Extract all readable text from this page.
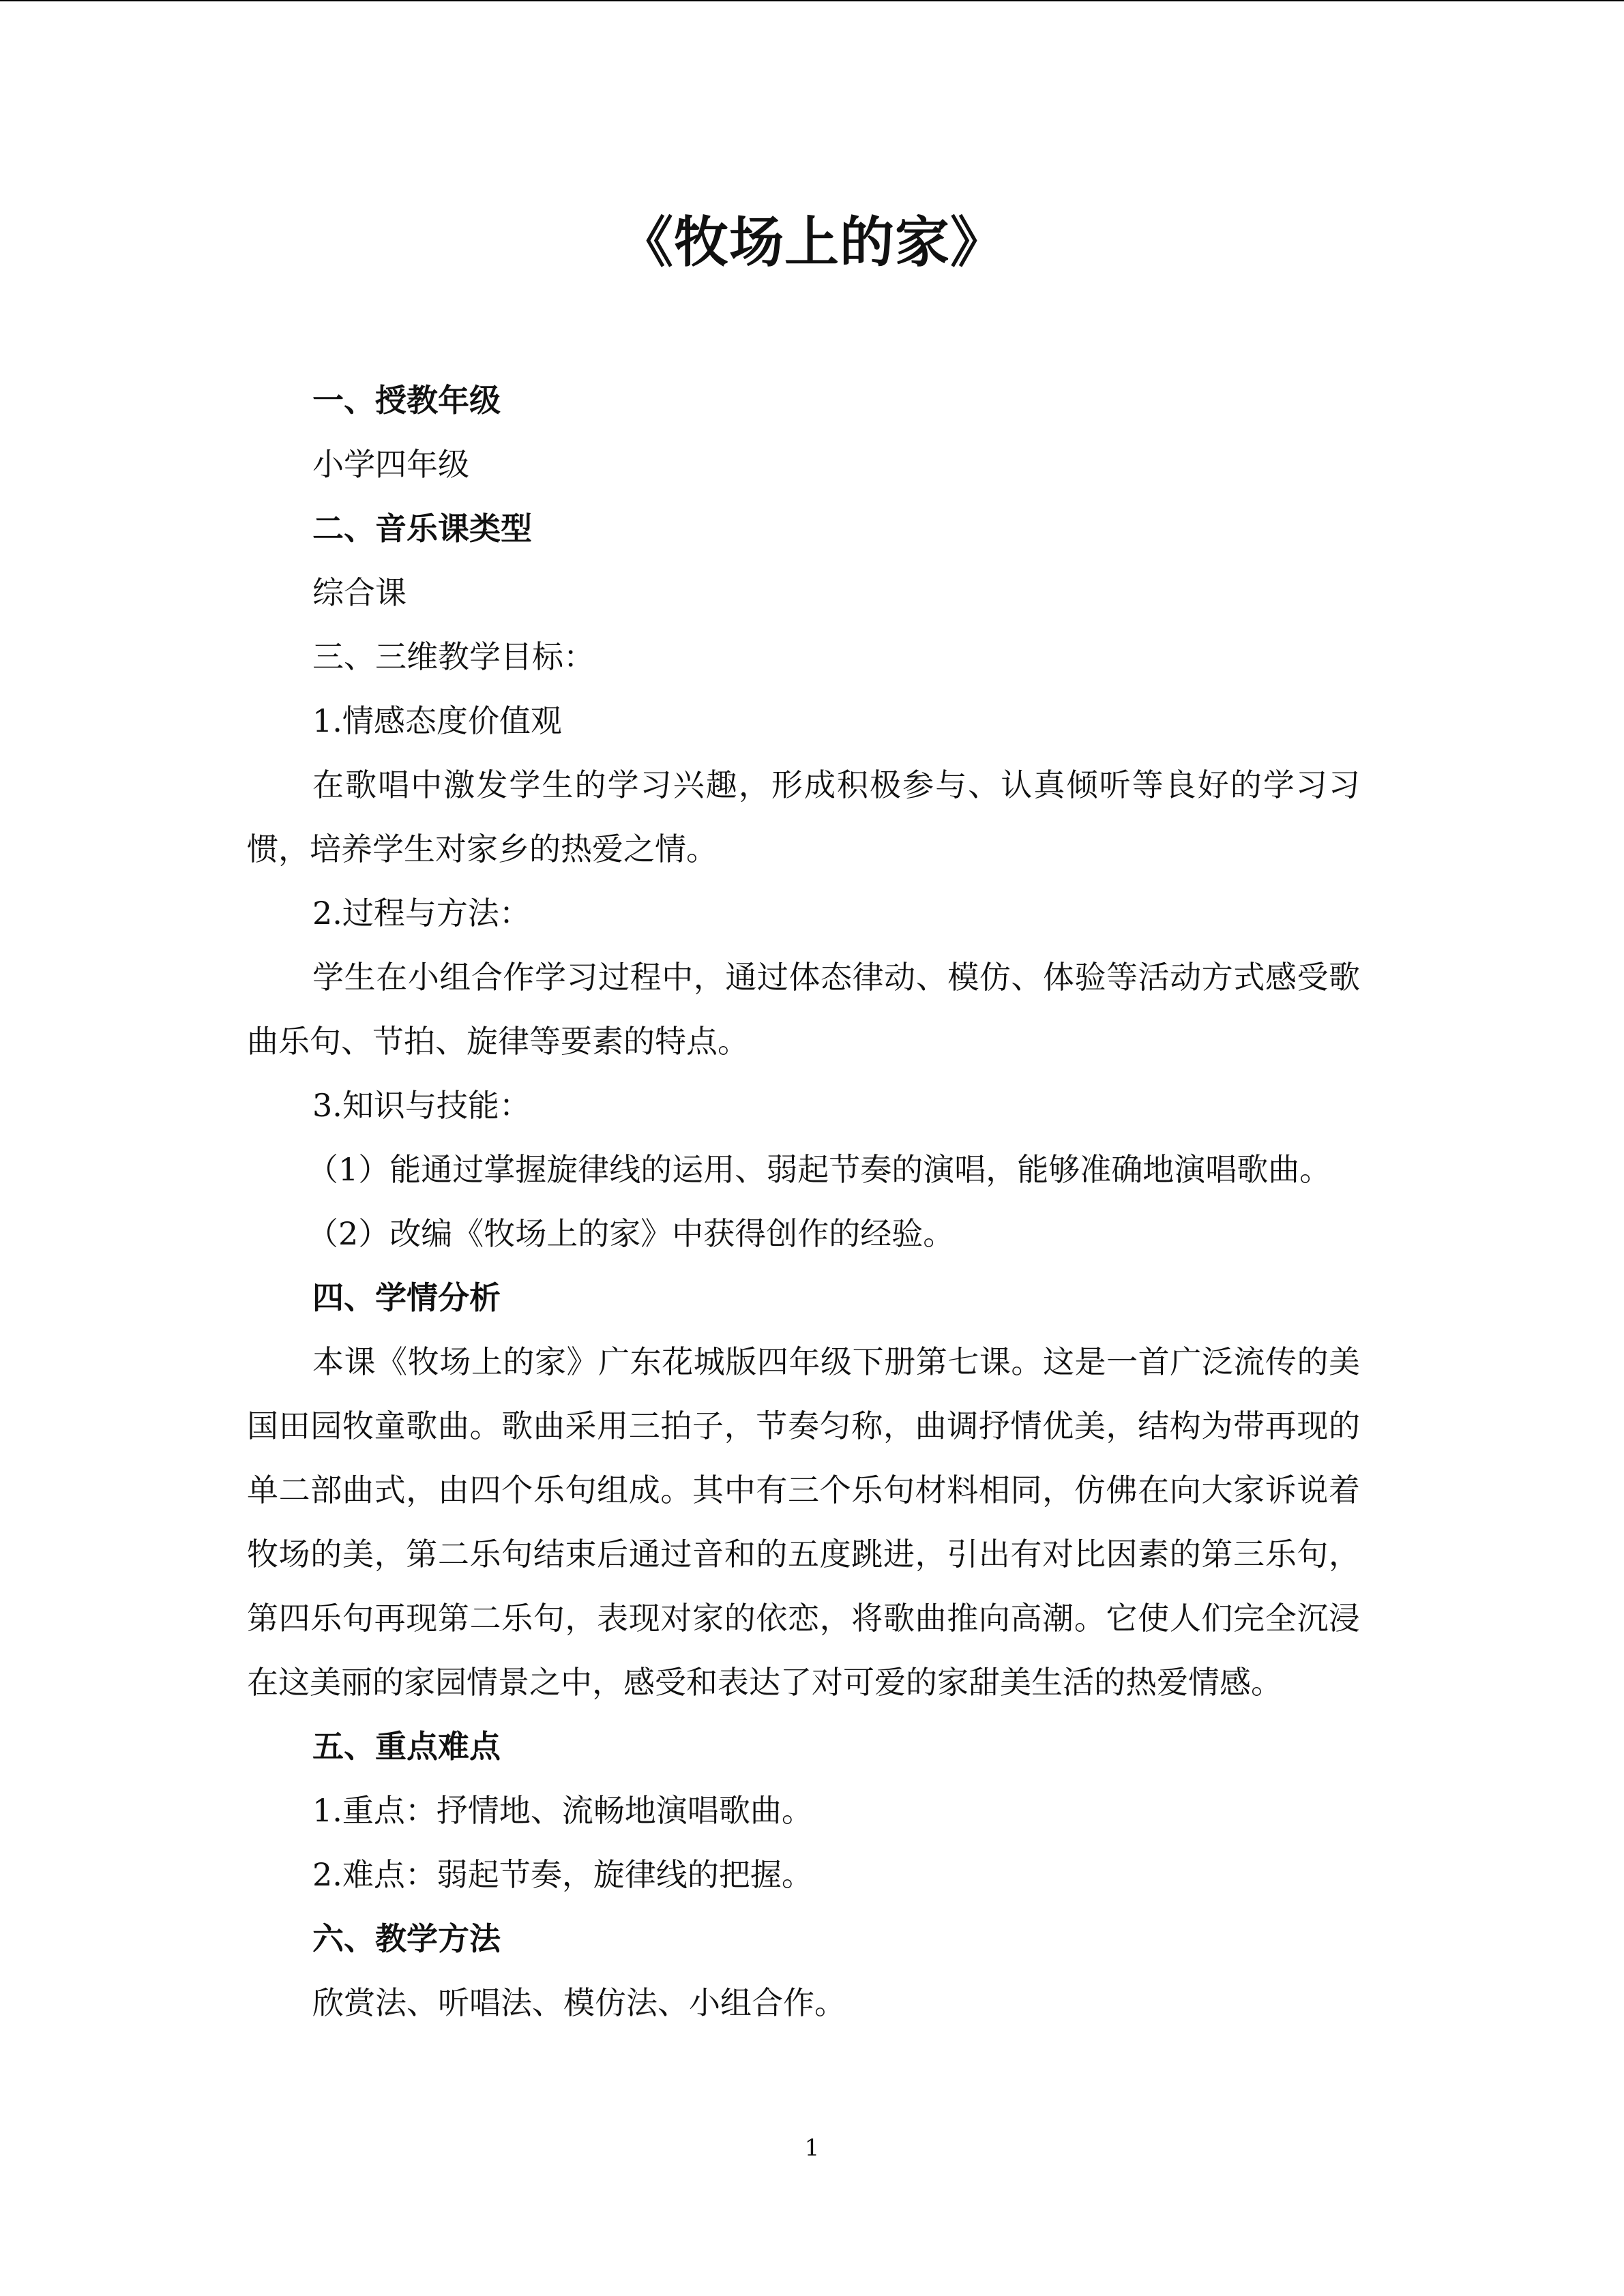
《牧场上的家》
一、授教年级
小学四年级
二、音乐课类型
综合课
三、三维教学目标：
1.情感态度价值观

在歌唱中激发学生的学习兴趣，形成积极参与、认真倾听等良好的学习习惯，培养学生对家乡的热爱之情。

2.过程与方法：

学生在小组合作学习过程中，通过体态律动、模仿、体验等活动方式感受歌曲乐句、节拍、旋律等要素的特点。

3.知识与技能：
（1）能通过掌握旋律线的运用、弱起节奏的演唱，能够准确地演唱歌曲。
（2）改编《牧场上的家》中获得创作的经验。
四、学情分析

本课《牧场上的家》广东花城版四年级下册第七课。这是一首广泛流传的美国田园牧童歌曲。歌曲采用三拍子，节奏匀称，曲调抒情优美，结构为带再现的单二部曲式，由四个乐句组成。其中有三个乐句材料相同，仿佛在向大家诉说着牧场的美，第二乐句结束后通过音和的五度跳进，引出有对比因素的第三乐句，第四乐句再现第二乐句，表现对家的依恋，将歌曲推向高潮。它使人们完全沉浸在这美丽的家园情景之中，感受和表达了对可爱的家甜美生活的热爱情感。

五、重点难点
1.重点：抒情地、流畅地演唱歌曲。
2.难点：弱起节奏，旋律线的把握。
六、教学方法
欣赏法、听唱法、模仿法、小组合作。
1
